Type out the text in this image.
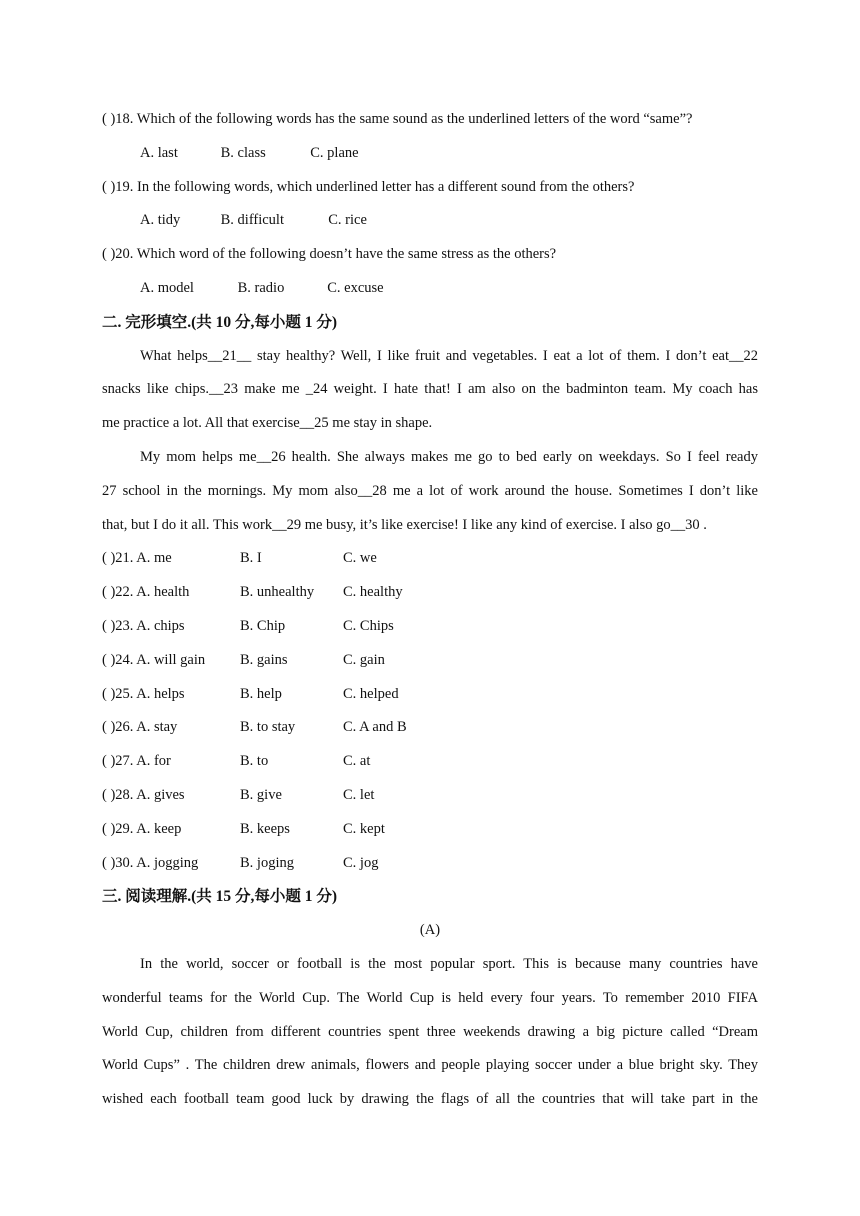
( )18. Which of the following words has the same sound as the underlined letters of the word “same”?
A. last	B. class	C. plane
( )19. In the following words, which underlined letter has a different sound from the others?
A. tidy	B. difficult	C. rice
( )20. Which word of the following doesn’t have the same stress as the others?
A. model	B. radio	C. excuse
二. 完形填空.(共 10 分,每小题 1 分)
What helps__21__ stay healthy? Well, I like fruit and vegetables. I eat a lot of them. I don’t eat__22
snacks like chips.__23 make me _24 weight. I hate that! I am also on the badminton team. My coach has
me practice a lot. All that exercise__25 me stay in shape.
My mom helps me__26 health. She always makes me go to bed early on weekdays. So I feel ready
27 school in the mornings. My mom also__28 me a lot of work around the house. Sometimes I don’t like
that, but I do it all. This work__29 me busy, it’s like exercise! I like any kind of exercise. I also go__30 .
( )21. A. me	B. I	C. we
( )22. A. health	B. unhealthy C. healthy
( )23. A. chips	B. Chip	C. Chips
( )24. A. will gain B. gains	C. gain
( )25. A. helps	B. help	C. helped
( )26. A. stay	B. to stay	C. A and B
( )27. A. for	B. to	C. at
( )28. A. gives	B. give	C. let
( )29. A. keep	B. keeps	C. kept
( )30. A. jogging	B. joging	C. jog
三. 阅读理解.(共 15 分,每小题 1 分)
(A)
In the world, soccer or football is the most popular sport. This is because many countries have
wonderful teams for the World Cup. The World Cup is held every four years. To remember 2010 FIFA
World Cup, children from different countries spent three weekends drawing a big picture called “Dream
World Cups” . The children drew animals, flowers and people playing soccer under a blue bright sky. They
wished each football team good luck by drawing the flags of all the countries that will take part in the
